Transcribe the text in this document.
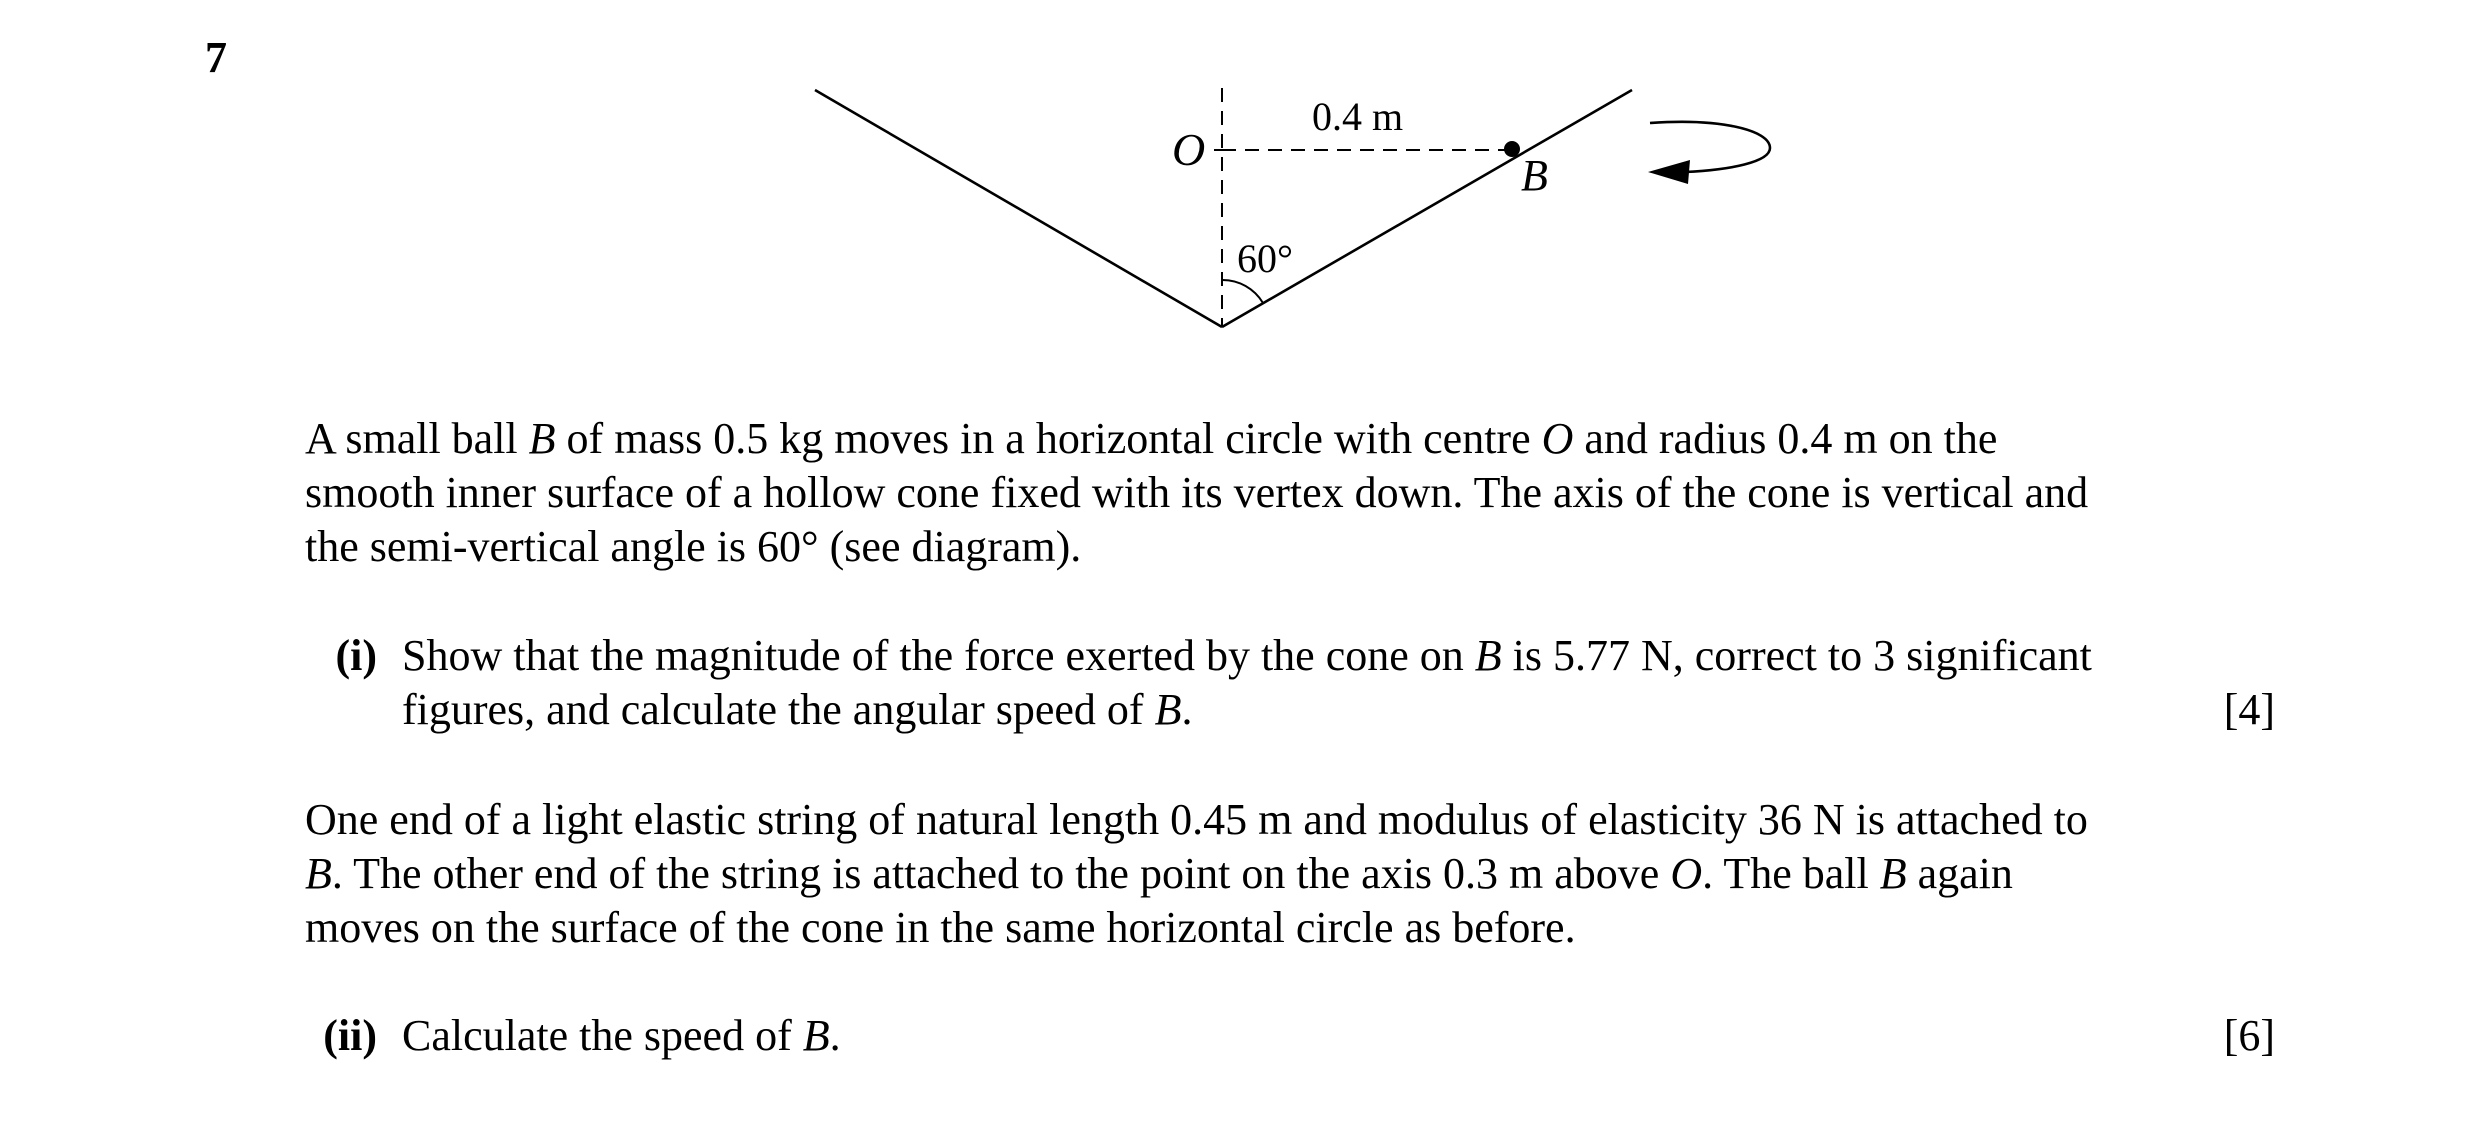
7
O
0.4 m
B
60°
A small ball B of mass 0.5 kg moves in a horizontal circle with centre O and radius 0.4 m on the
smooth inner surface of a hollow cone fixed with its vertex down. The axis of the cone is vertical and
the semi-vertical angle is 60° (see diagram).
(i) Show that the magnitude of the force exerted by the cone on B is 5.77 N, correct to 3 significant
figures, and calculate the angular speed of B.	[4]
One end of a light elastic string of natural length 0.45 m and modulus of elasticity 36 N is attached to
B. The other end of the string is attached to the point on the axis 0.3 m above O. The ball B again
moves on the surface of the cone in the same horizontal circle as before.
(ii) Calculate the speed of B.	[6]
